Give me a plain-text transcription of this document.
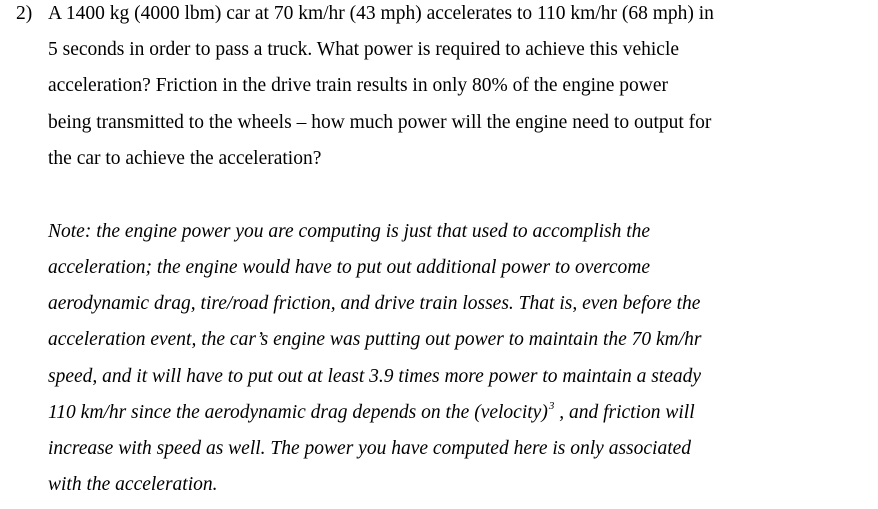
2) A 1400 kg (4000 lbm) car at 70 km/hr (43 mph) accelerates to 110 km/hr (68 mph) in
5 seconds in order to pass a truck. What power is required to achieve this vehicle
acceleration? Friction in the drive train results in only 80% of the engine power
being transmitted to the wheels – how much power will the engine need to output for
the car to achieve the acceleration?
Note: the engine power you are computing is just that used to accomplish the
acceleration; the engine would have to put out additional power to overcome
aerodynamic drag, tire/road friction, and drive train losses. That is, even before the
acceleration event, the car’s engine was putting out power to maintain the 70 km/hr
speed, and it will have to put out at least 3.9 times more power to maintain a steady
110 km/hr since the aerodynamic drag depends on the (velocity)$^3$ , and friction will
increase with speed as well. The power you have computed here is only associated
with the acceleration.
